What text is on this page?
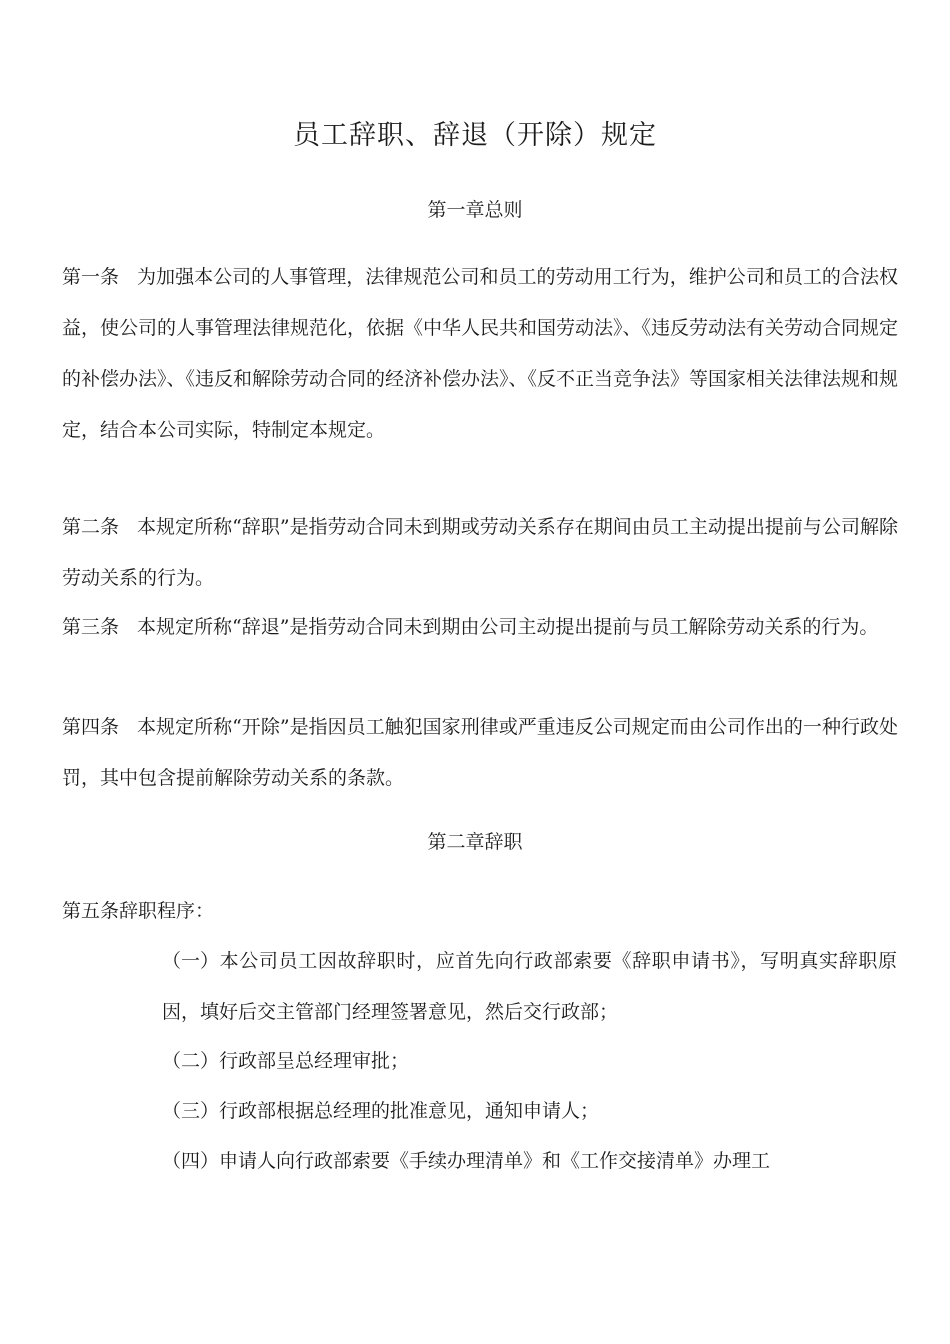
员工辞职、辞退（开除）规定
第一章总则
第一条 为加强本公司的人事管理，法律规范公司和员工的劳动用工行为，维护公司和员工的合法权益，使公司的人事管理法律规范化，依据《中华人民共和国劳动法》、《违反劳动法有关劳动合同规定的补偿办法》、《违反和解除劳动合同的经济补偿办法》、《反不正当竞争法》等国家相关法律法规和规定，结合本公司实际，特制定本规定。
第二条 本规定所称“辞职”是指劳动合同未到期或劳动关系存在期间由员工主动提出提前与公司解除劳动关系的行为。
第三条 本规定所称“辞退”是指劳动合同未到期由公司主动提出提前与员工解除劳动关系的行为。
第四条 本规定所称“开除”是指因员工触犯国家刑律或严重违反公司规定而由公司作出的一种行政处罚，其中包含提前解除劳动关系的条款。
第二章辞职
第五条辞职程序：
（一） 本公司员工因故辞职时，应首先向行政部索要《辞职申请书》，写明真实辞职原因，填好后交主管部门经理签署意见，然后交行政部；
（二） 行政部呈总经理审批；
（三） 行政部根据总经理的批准意见，通知申请人；
（四） 申请人向行政部索要《手续办理清单》和《工作交接清单》办理工
